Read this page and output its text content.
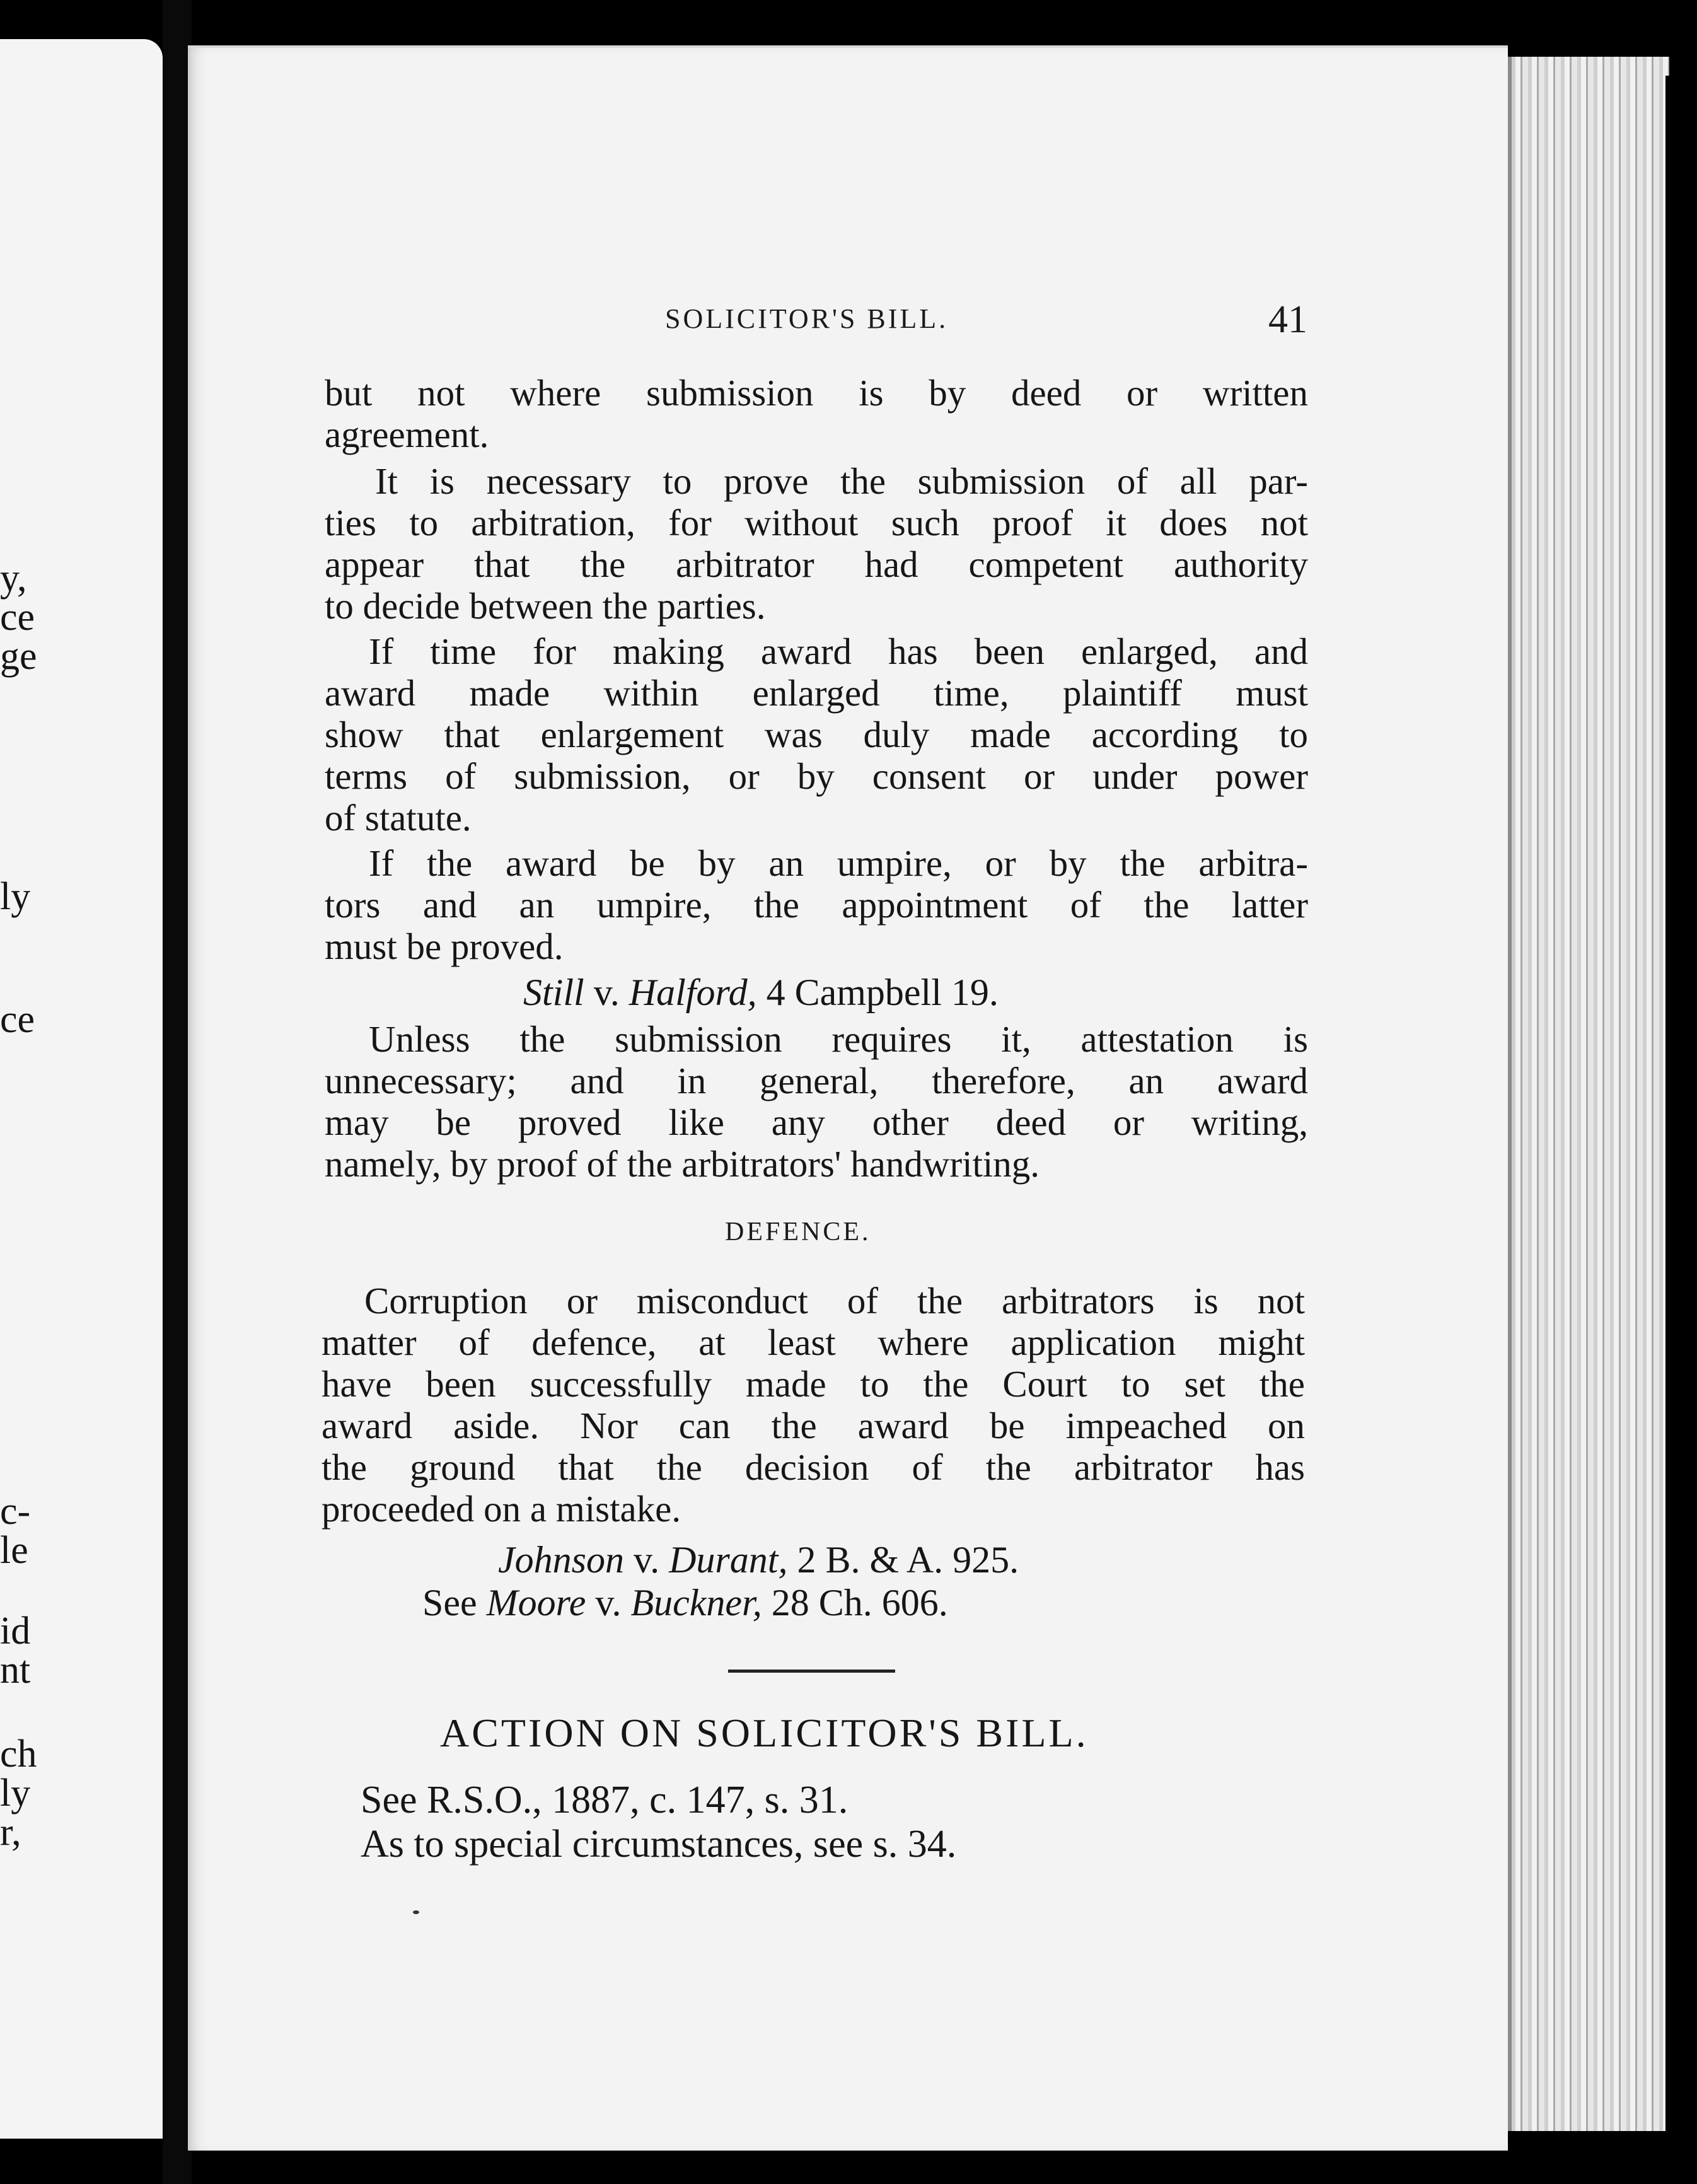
y,
ce
ge
ly
ce
c-
le
id
nt
ch
ly
r,
SOLICITOR'S BILL.	41
but not where submission is by deed or written
agreement.
It is necessary to prove the submission of all par-
ties to arbitration, for without such proof it does not
appear that the arbitrator had competent authority
to decide between the parties.
If time for making award has been enlarged, and
award made within enlarged time, plaintiff must
show that enlargement was duly made according to
terms of submission, or by consent or under power
of statute.
If the award be by an umpire, or by the arbitra-
tors and an umpire, the appointment of the latter
must be proved.
Still v. Halford, 4 Campbell 19.
Unless the submission requires it, attestation is
unnecessary; and in general, therefore, an award
may be proved like any other deed or writing,
namely, by proof of the arbitrators' handwriting.
DEFENCE.
Corruption or misconduct of the arbitrators is not
matter of defence, at least where application might
have been successfully made to the Court to set the
award aside. Nor can the award be impeached on
the ground that the decision of the arbitrator has
proceeded on a mistake.
Johnson v. Durant, 2 B. & A. 925.
See Moore v. Buckner, 28 Ch. 606.
ACTION ON SOLICITOR'S BILL.
See R.S.O., 1887, c. 147, s. 31.
As to special circumstances, see s. 34.
